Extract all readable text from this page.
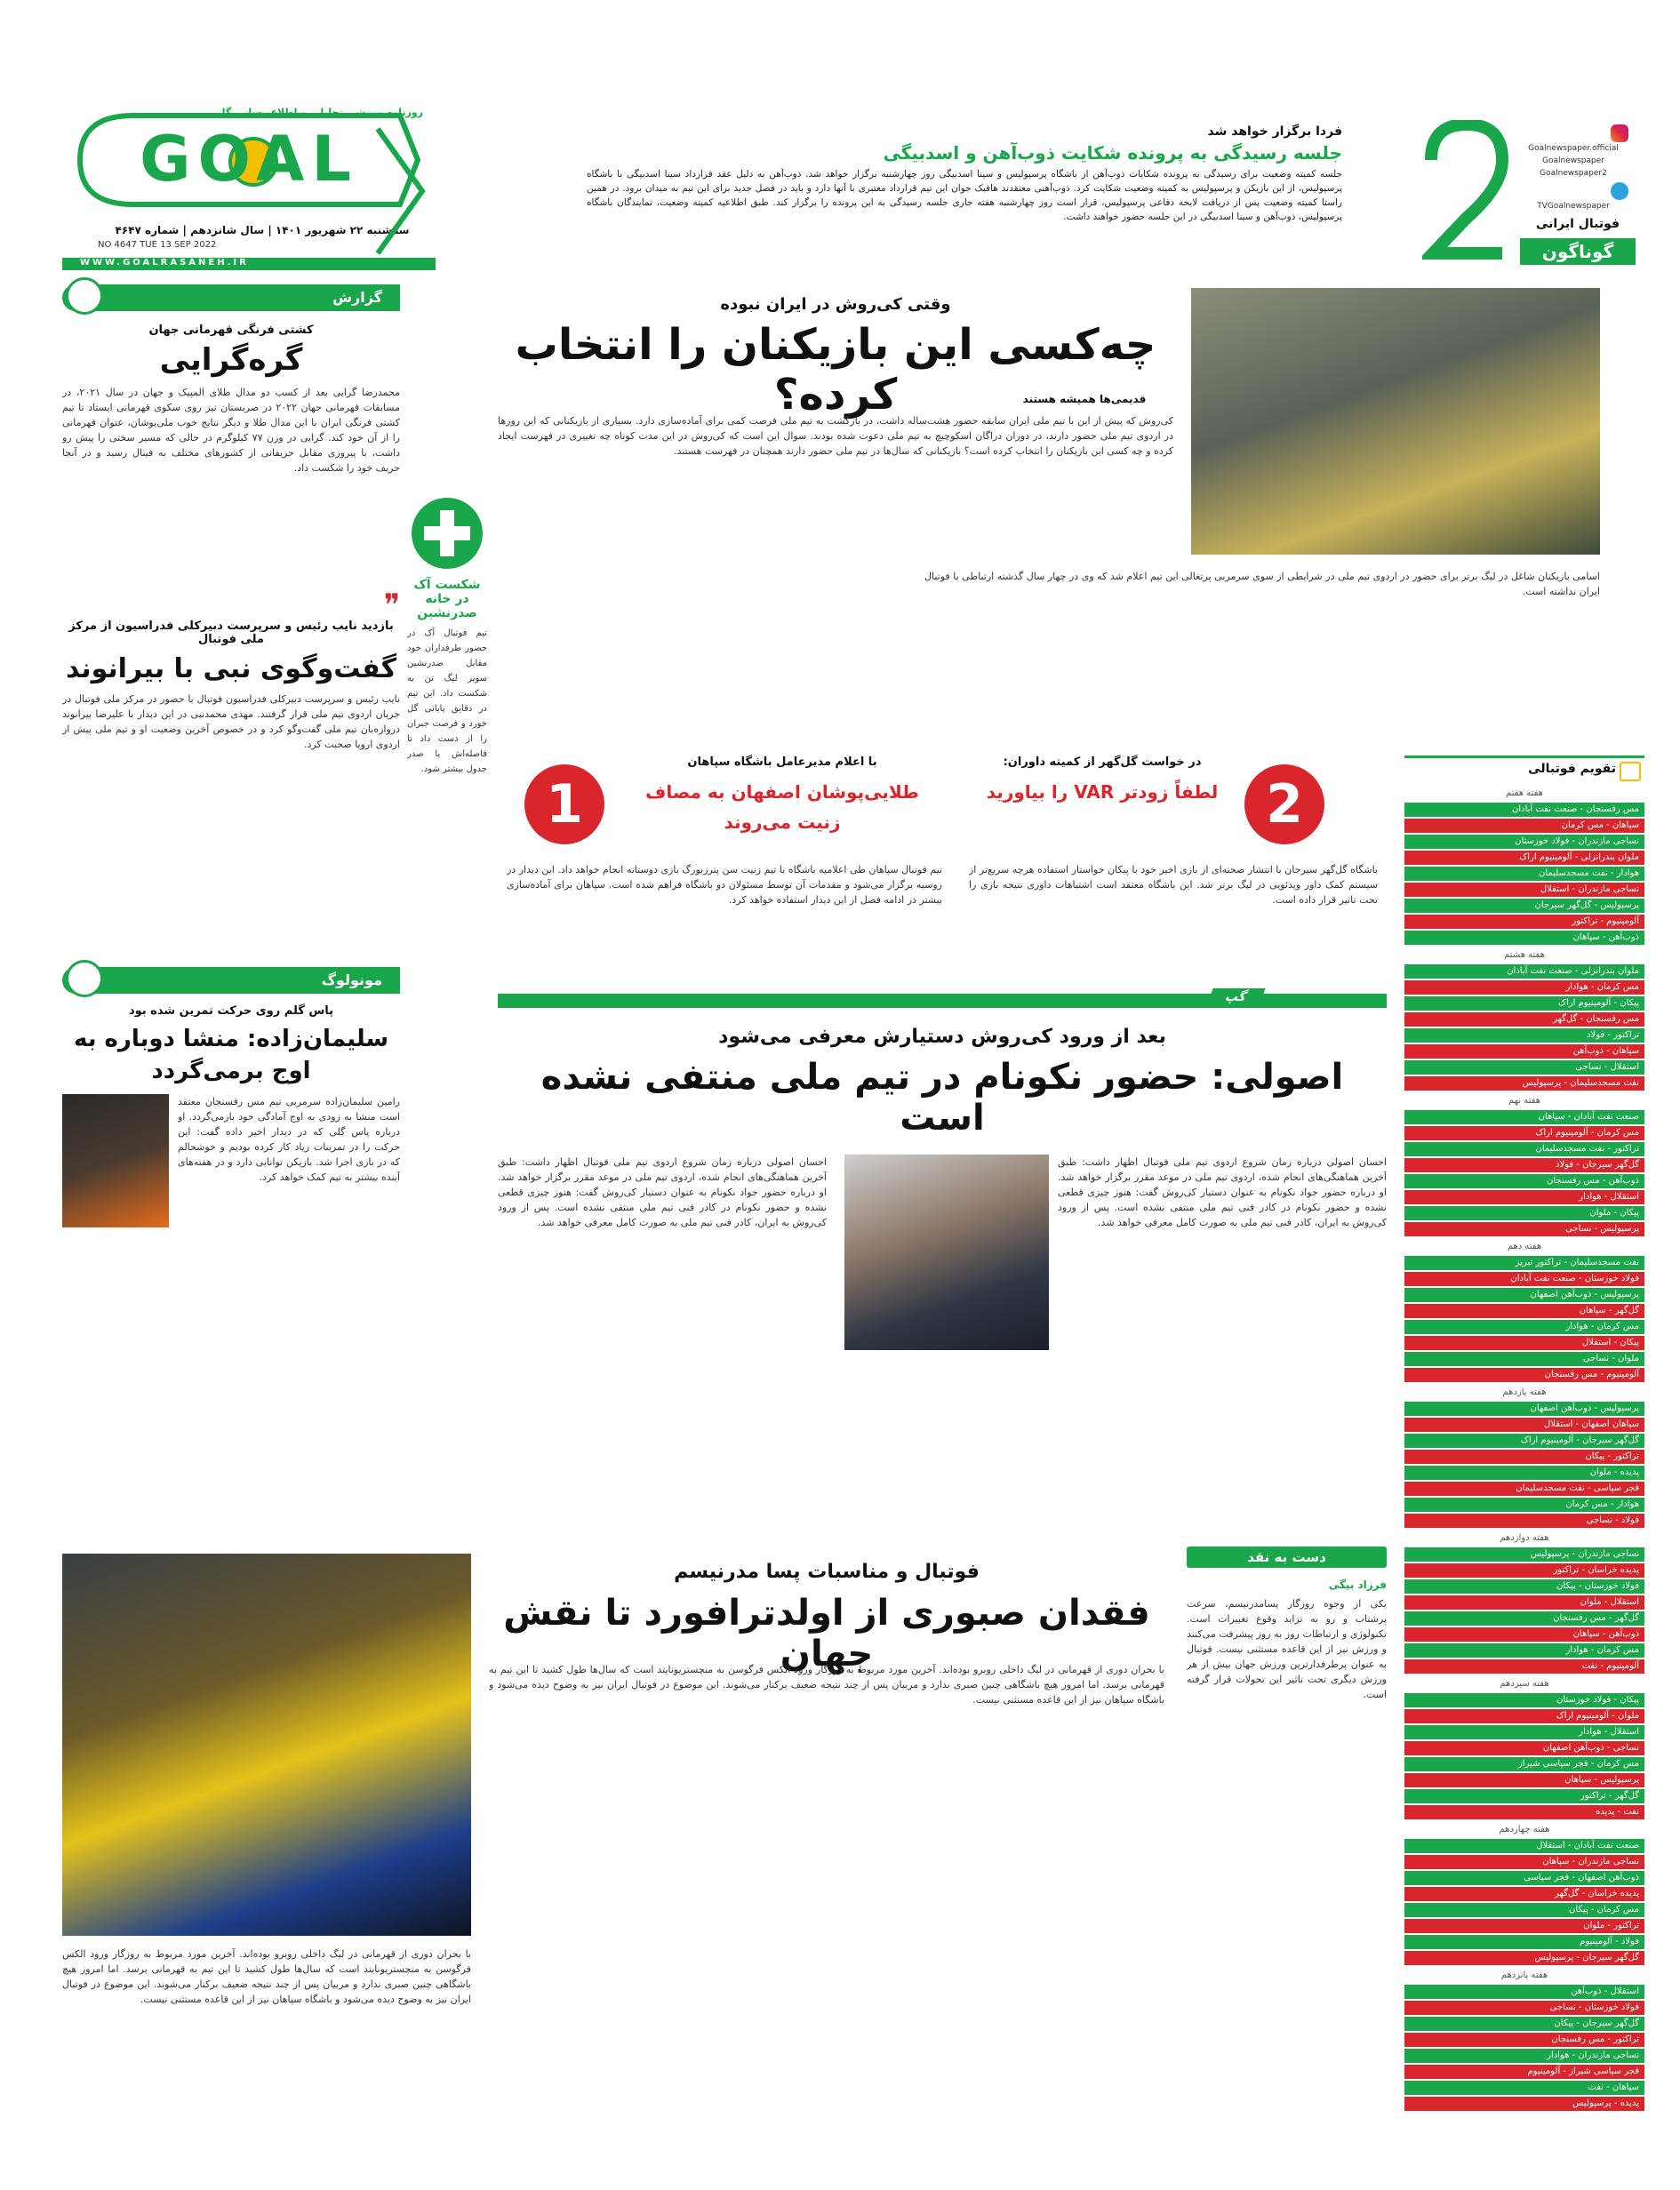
GOAL
روزنامه ورزشی تحلیلی و اطلاع رسانی گل
سه‌شنبه ۲۲ شهریور ۱۴۰۱ | سال شانزدهم | شماره ۴۶۴۷
NO 4647 TUE 13 SEP 2022
WWW.GOALRASANEH.IR
فردا برگزار خواهد شد
جلسه رسیدگی به پرونده شکایت ذوب‌آهن و اسدبیگی
جلسه کمیته وضعیت برای رسیدگی به پرونده شکایات ذوب‌آهن از باشگاه پرسپولیس و سینا اسدبیگی روز چهارشنبه برگزار خواهد شد. ذوب‌آهن به دلیل عقد قرارداد سینا اسدبیگی با باشگاه پرسپولیس، از این بازیکن و پرسپولیس به کمیته وضعیت شکایت کرد. ذوب‌آهنی معتقدند هافبک جوان این تیم قرارداد معتبری با آنها دارد و باید در فصل جدید برای این تیم به میدان برود. در همین راستا کمیته وضعیت پس از دریافت لایحه دفاعی پرسپولیس، قرار است روز چهارشنبه هفته جاری جلسه رسیدگی به این پرونده را برگزار کند. طبق اطلاعیه کمیته وضعیت، نمایندگان باشگاه پرسپولیس، ذوب‌آهن و سینا اسدبیگی در این جلسه حضور خواهند داشت.
گوناگون
فوتبال ایرانی
Goalnewspaper.official
Goalnewspaper
Goalnewspaper2
TVGoalnewspaper
گزارش
کشتی فرنگی قهرمانی جهان
گره‌گرایی
محمدرضا گرایی بعد از کسب دو مدال طلای المپیک و جهان در سال ۲۰۲۱، در مسابقات قهرمانی جهان ۲۰۲۲ در صربستان نیز روی سکوی قهرمانی ایستاد تا تیم کشتی فرنگی ایران با این مدال طلا و دیگر نتایج خوب ملی‌پوشان، عنوان قهرمانی را از آن خود کند. گرایی در وزن ۷۷ کیلوگرم در حالی که مسیر سختی را پیش رو داشت، با پیروزی مقابل حریفانی از کشورهای مختلف به فینال رسید و در آنجا حریف خود را شکست داد.
❞
بازدید نایب رئیس و سرپرست دبیرکلی فدراسیون از مرکز ملی فوتبال
گفت‌وگوی نبی با بیرانوند
نایب رئیس و سرپرست دبیرکلی فدراسیون فوتبال با حضور در مرکز ملی فوتبال در جریان اردوی تیم ملی قرار گرفتند. مهدی محمدنبی در این دیدار با علیرضا بیرانوند دروازه‌بان تیم ملی گفت‌وگو کرد و در خصوص آخرین وضعیت او و تیم ملی پیش از اردوی اروپا صحبت کرد.
مونولوگ
پاس گلم روی حرکت تمرین شده بود
سلیمان‌زاده: منشا دوباره به اوج برمی‌گردد
رامین سلیمان‌زاده سرمربی تیم مس رفسنجان معتقد است منشا به زودی به اوج آمادگی خود بازمی‌گردد. او درباره پاس گلی که در دیدار اخیر داده گفت: این حرکت را در تمرینات زیاد کار کرده بودیم و خوشحالم که در بازی اجرا شد. بازیکن توانایی دارد و در هفته‌های آینده بیشتر به تیم کمک خواهد کرد.
شکست آ‌ک در خانه صدرنشین
تیم فوتبال آک در حضور طرفداران خود مقابل صدرنشین سوپر لیگ تن به شکست داد. این تیم در دقایق پایانی گل خورد و فرصت جبران را از دست داد تا فاصله‌اش با صدر جدول بیشتر شود.
وقتی کی‌روش در ایران نبوده
چه‌کسی این بازیکنان را انتخاب کرده؟	قدیمی‌ها همیشه هستند
کی‌روش که پیش از این با تیم ملی ایران سابقه حضور هشت‌ساله داشت، در بازگشت به تیم ملی فرصت کمی برای آماده‌سازی دارد. بسیاری از بازیکنانی که این روزها در اردوی تیم ملی حضور دارند، در دوران دراگان اسکوچیچ به تیم ملی دعوت شده بودند. سوال این است که کی‌روش در این مدت کوتاه چه تغییری در فهرست ایجاد کرده و چه کسی این بازیکنان را انتخاب کرده است؟ بازیکنانی که سال‌ها در تیم ملی حضور دارند همچنان در فهرست هستند.
اسامی بازیکنان شاغل در لیگ برتر برای حضور در اردوی تیم ملی در شرایطی از سوی سرمربی پرتغالی این تیم اعلام شد که وی در چهار سال گذشته ارتباطی با فوتبال ایران نداشته است.
1
با اعلام مدیرعامل باشگاه سپاهان
طلایی‌پوشان اصفهان به مصاف زنیت می‌روند
تیم فوتبال سپاهان طی اعلامیه باشگاه با تیم زنیت سن پترزبورگ بازی دوستانه انجام خواهد داد. این دیدار در روسیه برگزار می‌شود و مقدمات آن توسط مسئولان دو باشگاه فراهم شده است. سپاهان برای آماده‌سازی بیشتر در ادامه فصل از این دیدار استفاده خواهد کرد.
2
در خواست گل‌گهر از کمیته داوران:
لطفاً زودتر VAR را بیاورید
باشگاه گل‌گهر سیرجان با انتشار صحنه‌ای از بازی اخیر خود با پیکان خواستار استفاده هرچه سریع‌تر از سیستم کمک داور ویدئویی در لیگ برتر شد. این باشگاه معتقد است اشتباهات داوری نتیجه بازی را تحت تاثیر قرار داده است.
گپ
بعد از ورود کی‌روش دستیارش معرفی می‌شود
اصولی: حضور نکونام در تیم ملی منتفی نشده است
احسان اصولی درباره زمان شروع اردوی تیم ملی فوتبال اظهار داشت: طبق آخرین هماهنگی‌های انجام شده، اردوی تیم ملی در موعد مقرر برگزار خواهد شد. او درباره حضور جواد نکونام به عنوان دستیار کی‌روش گفت: هنوز چیزی قطعی نشده و حضور نکونام در کادر فنی تیم ملی منتفی نشده است. پس از ورود کی‌روش به ایران، کادر فنی تیم ملی به صورت کامل معرفی خواهد شد.
احسان اصولی درباره زمان شروع اردوی تیم ملی فوتبال اظهار داشت: طبق آخرین هماهنگی‌های انجام شده، اردوی تیم ملی در موعد مقرر برگزار خواهد شد. او درباره حضور جواد نکونام به عنوان دستیار کی‌روش گفت: هنوز چیزی قطعی نشده و حضور نکونام در کادر فنی تیم ملی منتفی نشده است. پس از ورود کی‌روش به ایران، کادر فنی تیم ملی به صورت کامل معرفی خواهد شد.
دست به نقد
فرزاد بیگی
یکی از وجوه روزگار پسامدرنیسم، سرعت پرشتاب و رو به تزاید وقوع تغییرات است. تکنولوژی و ارتباطات روز به روز پیشرفت می‌کنند و ورزش نیز از این قاعده مستثنی نیست. فوتبال به عنوان پرطرفدارترین ورزش جهان بیش از هر ورزش دیگری تحت تاثیر این تحولات قرار گرفته است.
فوتبال و مناسبات پسا مدرنیسم
فقدان صبوری از اولدترافورد تا نقش جهان
با بحران دوری از قهرمانی در لیگ داخلی روبرو بوده‌اند. آخرین مورد مربوط به روزگار ورود الکس فرگوسن به منچستریونایتد است که سال‌ها طول کشید تا این تیم به قهرمانی برسد. اما امروز هیچ باشگاهی چنین صبری ندارد و مربیان پس از چند نتیجه ضعیف برکنار می‌شوند. این موضوع در فوتبال ایران نیز به وضوح دیده می‌شود و باشگاه سپاهان نیز از این قاعده مستثنی نیست.
با بحران دوری از قهرمانی در لیگ داخلی روبرو بوده‌اند. آخرین مورد مربوط به روزگار ورود الکس فرگوسن به منچستریونایتد است که سال‌ها طول کشید تا این تیم به قهرمانی برسد. اما امروز هیچ باشگاهی چنین صبری ندارد و مربیان پس از چند نتیجه ضعیف برکنار می‌شوند. این موضوع در فوتبال ایران نیز به وضوح دیده می‌شود و باشگاه سپاهان نیز از این قاعده مستثنی نیست.
تقویم فوتبالی
هفته هفتم
مس رفسنجان - صنعت نفت آبادان
سپاهان - مس کرمان
نساجی مازندران - فولاد خوزستان
ملوان بندرانزلی - آلومینیوم اراک
هوادار - نفت مسجدسلیمان
نساجی مازندران - استقلال
پرسپولیس - گل‌گهر سیرجان
آلومینیوم - تراکتور
ذوب‌آهن - سپاهان
هفته هشتم
ملوان بندرانزلی - صنعت نفت آبادان
مس کرمان - هوادار
پیکان - آلومینیوم اراک
مس رفسنجان - گل‌گهر
تراکتور - فولاد
سپاهان - ذوب‌آهن
استقلال - نساجی
نفت مسجدسلیمان - پرسپولیس
هفته نهم
صنعت نفت آبادان - سپاهان
مس کرمان - آلومینیوم اراک
تراکتور - نفت مسجدسلیمان
گل‌گهر سیرجان - فولاد
ذوب‌آهن - مس رفسنجان
استقلال - هوادار
پیکان - ملوان
پرسپولیس - نساجی
هفته دهم
نفت مسجدسلیمان - تراکتور تبریز
فولاد خوزستان - صنعت نفت آبادان
پرسپولیس - ذوب‌آهن اصفهان
گل‌گهر - سپاهان
مس کرمان - هوادار
پیکان - استقلال
ملوان - نساجی
آلومینیوم - مس رفسنجان
هفته یازدهم
پرسپولیس - ذوب‌آهن اصفهان
سپاهان اصفهان - استقلال
گل‌گهر سیرجان - آلومینیوم اراک
تراکتور - پیکان
پدیده - ملوان
فجر سپاسی - نفت مسجدسلیمان
هوادار - مس کرمان
فولاد - نساجی
هفته دوازدهم
نساجی مازندران - پرسپولیس
پدیده خراسان - تراکتور
فولاد خوزستان - پیکان
استقلال - ملوان
گل‌گهر - مس رفسنجان
ذوب‌آهن - سپاهان
مس کرمان - هوادار
آلومینیوم - نفت
هفته سیزدهم
پیکان - فولاد خوزستان
ملوان - آلومینیوم اراک
استقلال - هوادار
نساجی - ذوب‌آهن اصفهان
مس کرمان - فجر سپاسی شیراز
پرسپولیس - سپاهان
گل‌گهر - تراکتور
نفت - پدیده
هفته چهاردهم
صنعت نفت آبادان - استقلال
نساجی مازندران - سپاهان
ذوب‌آهن اصفهان - فجر سپاسی
پدیده خراسان - گل‌گهر
مس کرمان - پیکان
تراکتور - ملوان
فولاد - آلومینیوم
گل‌گهر سیرجان - پرسپولیس
هفته پانزدهم
استقلال - ذوب‌آهن
فولاد خوزستان - نساجی
گل‌گهر سیرجان - پیکان
تراکتور - مس رفسنجان
نساجی مازندران - هوادار
فجر سپاسی شیراز - آلومینیوم
سپاهان - نفت
پدیده - پرسپولیس
